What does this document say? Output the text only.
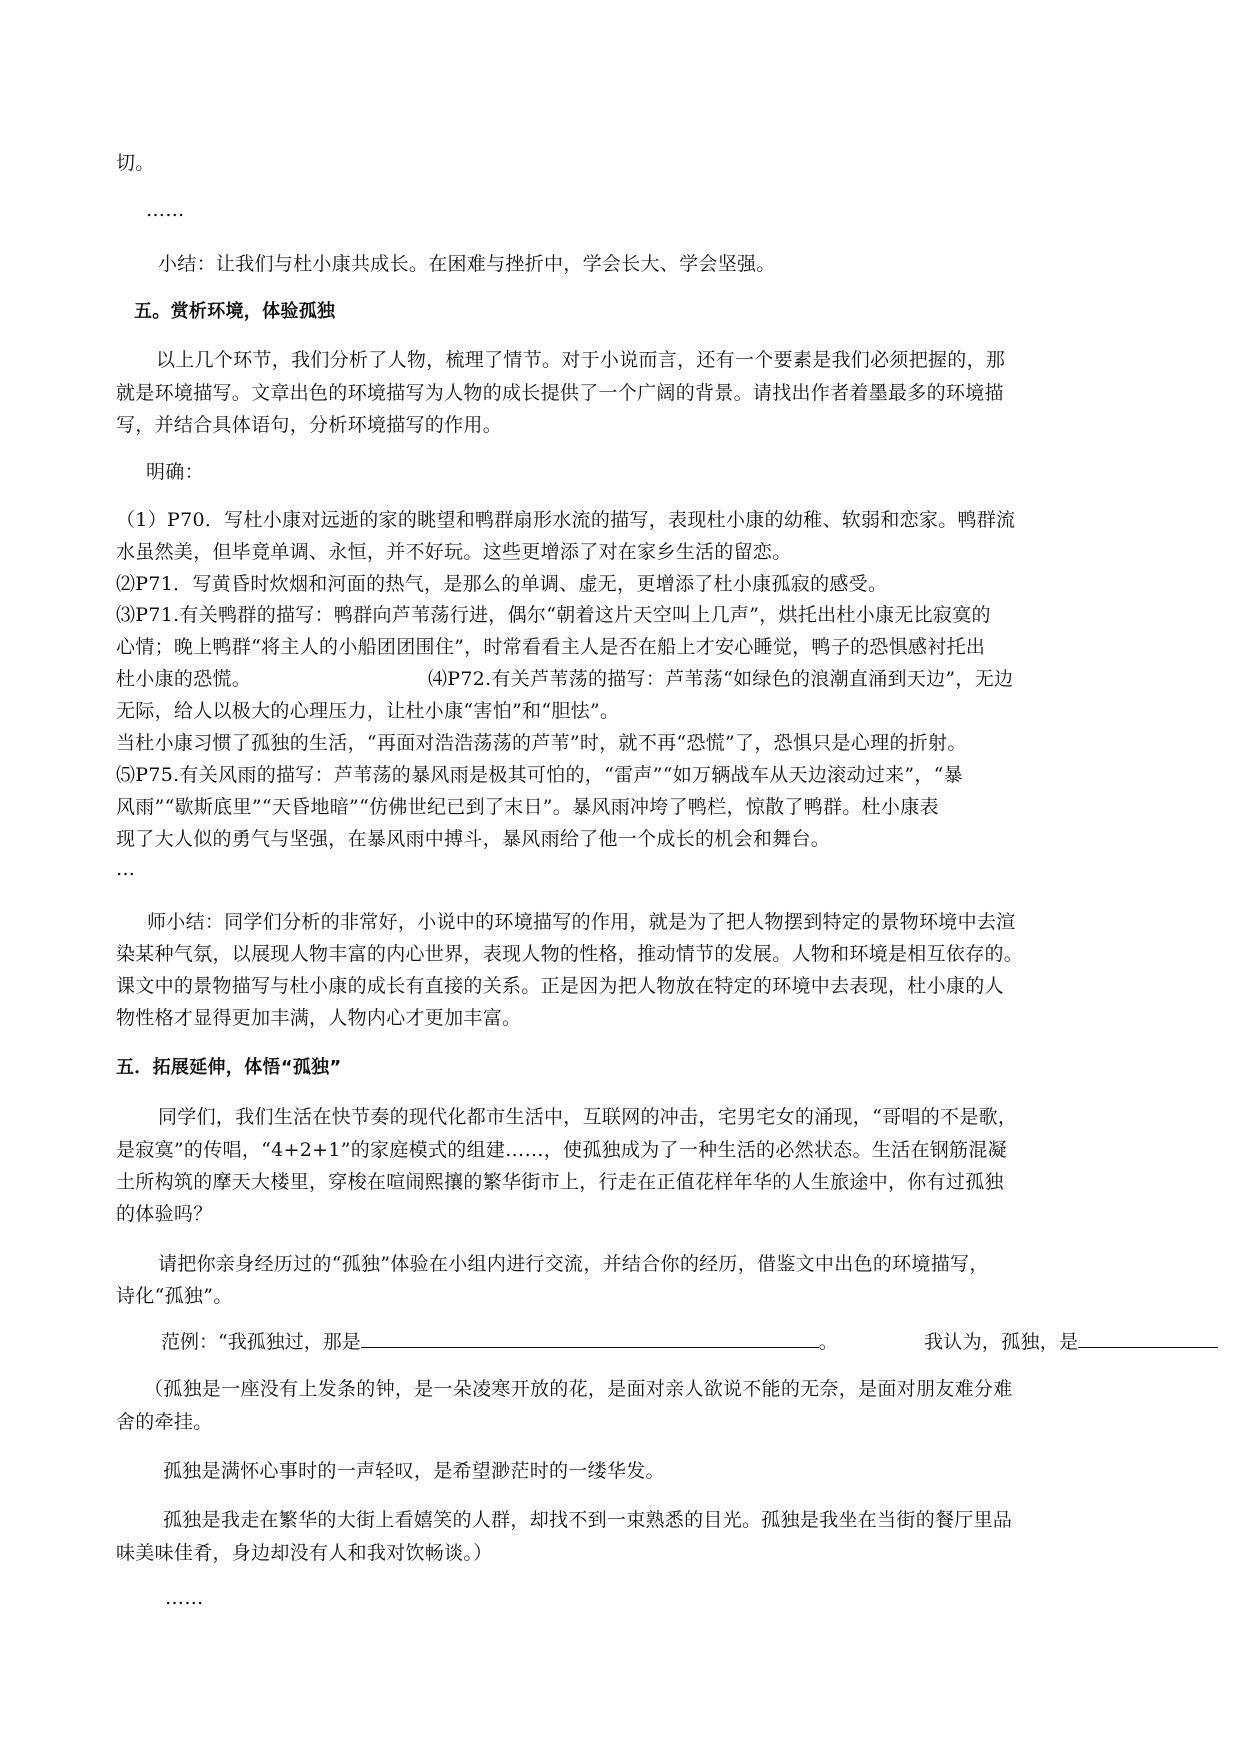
切。
……
小结：让我们与杜小康共成长。在困难与挫折中，学会长大、学会坚强。
五。赏析环境，体验孤独
以上几个环节，我们分析了人物，梳理了情节。对于小说而言，还有一个要素是我们必须把握的，那
就是环境描写。文章出色的环境描写为人物的成长提供了一个广阔的背景。请找出作者着墨最多的环境描
写，并结合具体语句，分析环境描写的作用。
明确：
（1）P70．写杜小康对远逝的家的眺望和鸭群扇形水流的描写，表现杜小康的幼稚、软弱和恋家。鸭群流
水虽然美，但毕竟单调、永恒，并不好玩。这些更增添了对在家乡生活的留恋。
⑵P71．写黄昏时炊烟和河面的热气，是那么的单调、虚无，更增添了杜小康孤寂的感受。
⑶P71.有关鸭群的描写：鸭群向芦苇荡行进，偶尔“朝着这片天空叫上几声”，烘托出杜小康无比寂寞的
心情；晚上鸭群“将主人的小船团团围住”，时常看看主人是否在船上才安心睡觉，鸭子的恐惧感衬托出
杜小康的恐慌。	⑷P72.有关芦苇荡的描写：芦苇荡“如绿色的浪潮直涌到天边”，无边
无际，给人以极大的心理压力，让杜小康“害怕”和“胆怯”。
当杜小康习惯了孤独的生活，“再面对浩浩荡荡的芦苇”时，就不再“恐慌”了，恐惧只是心理的折射。
⑸P75.有关风雨的描写：芦苇荡的暴风雨是极其可怕的，“雷声”“如万辆战车从天边滚动过来”，“暴
风雨”“歇斯底里”“天昏地暗”“仿佛世纪已到了末日”。暴风雨冲垮了鸭栏，惊散了鸭群。杜小康表
现了大人似的勇气与坚强，在暴风雨中搏斗，暴风雨给了他一个成长的机会和舞台。
…
师小结：同学们分析的非常好，小说中的环境描写的作用，就是为了把人物摆到特定的景物环境中去渲
染某种气氛，以展现人物丰富的内心世界，表现人物的性格，推动情节的发展。人物和环境是相互依存的。
课文中的景物描写与杜小康的成长有直接的关系。正是因为把人物放在特定的环境中去表现，杜小康的人
物性格才显得更加丰满，人物内心才更加丰富。
五．拓展延伸，体悟“孤独”
同学们，我们生活在快节奏的现代化都市生活中，互联网的冲击，宅男宅女的涌现，“哥唱的不是歌，
是寂寞”的传唱，“4+2+1”的家庭模式的组建……，使孤独成为了一种生活的必然状态。生活在钢筋混凝
土所构筑的摩天大楼里，穿梭在喧闹熙攘的繁华街市上，行走在正值花样年华的人生旅途中，你有过孤独
的体验吗？
请把你亲身经历过的“孤独”体验在小组内进行交流，并结合你的经历，借鉴文中出色的环境描写，
诗化“孤独”。
范例：“我孤独过，那是	。	我认为，孤独，是
（孤独是一座没有上发条的钟，是一朵凌寒开放的花，是面对亲人欲说不能的无奈，是面对朋友难分难
舍的牵挂。
孤独是满怀心事时的一声轻叹，是希望渺茫时的一缕华发。
孤独是我走在繁华的大街上看嬉笑的人群，却找不到一束熟悉的目光。孤独是我坐在当街的餐厅里品
味美味佳肴，身边却没有人和我对饮畅谈。）
……
